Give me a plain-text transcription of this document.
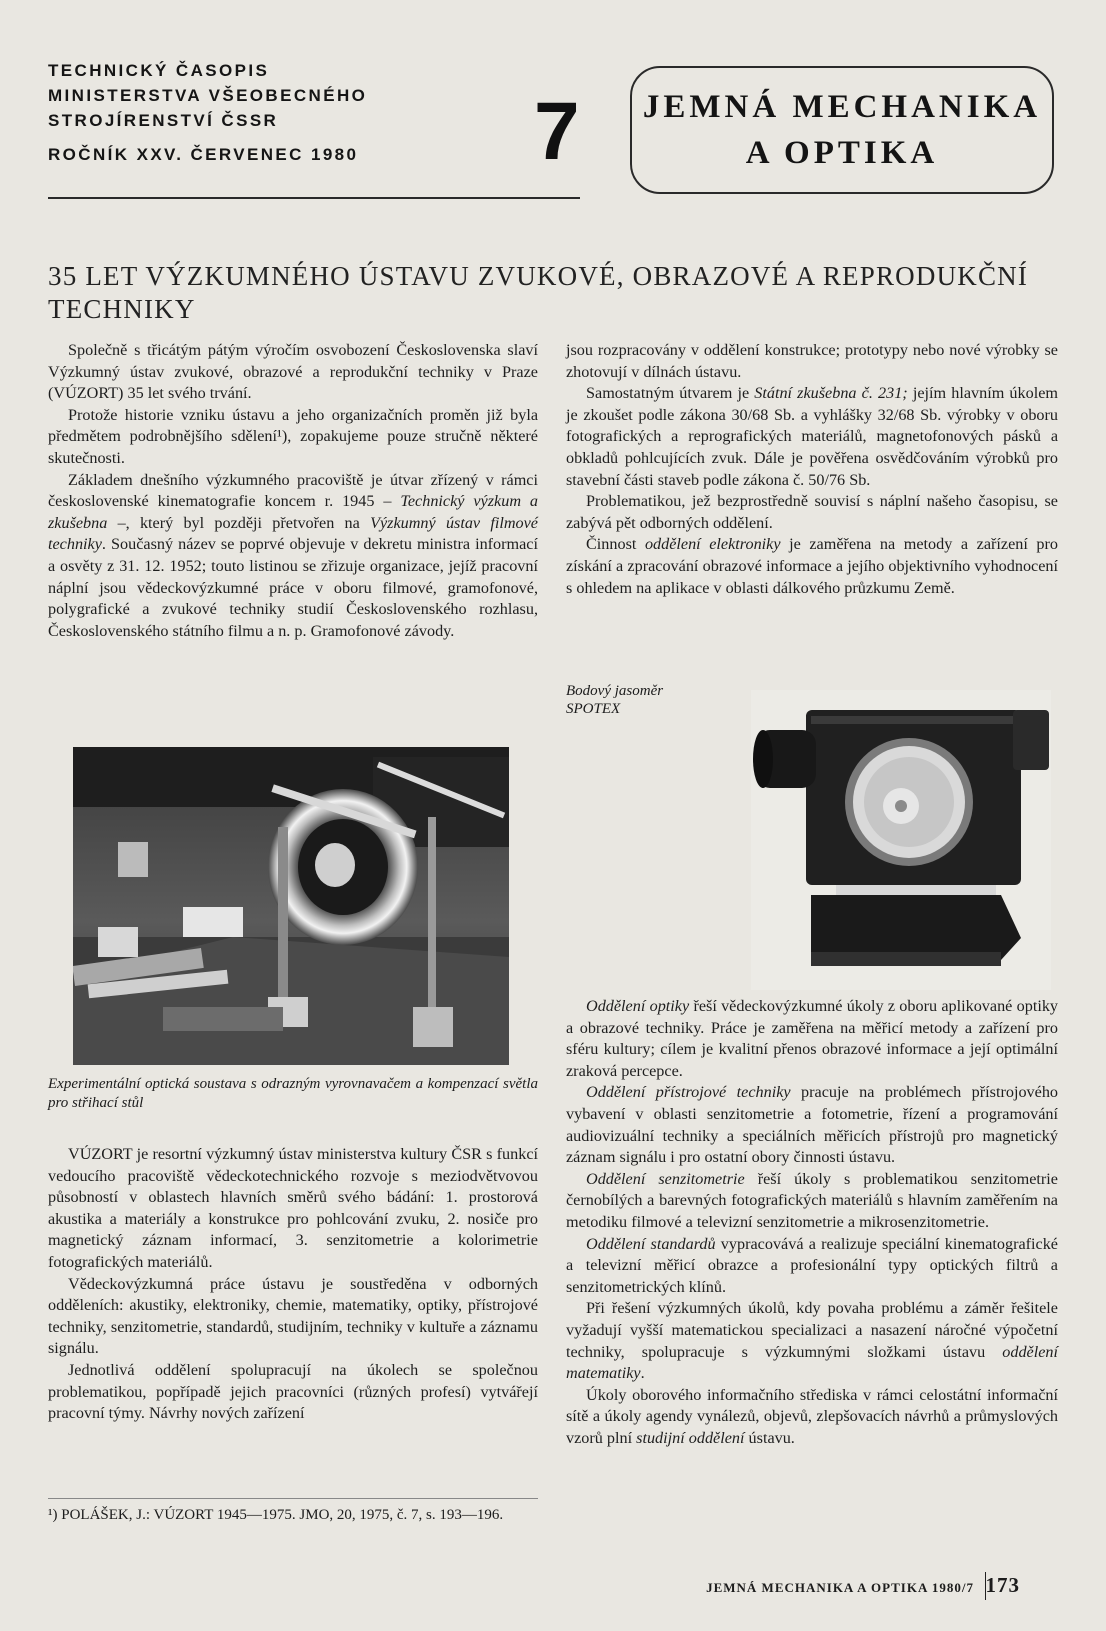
TECHNICKÝ ČASOPIS
MINISTERSTVA VŠEOBECNÉHO
STROJÍRENSTVÍ ČSSR
ROČNÍK XXV. ČERVENEC 1980 7	JEMNÁ MECHANIKA
A OPTIKA
35 LET VÝZKUMNÉHO ÚSTAVU ZVUKOVÉ, OBRAZOVÉ A REPRODUKČNÍ TECHNIKY

Společně s třicátým pátým výročím osvobození Československa slaví Výzkumný ústav zvukové, obrazové a reprodukční techniky v Praze (VÚZORT) 35 let svého trvání.

Protože historie vzniku ústavu a jeho organizačních proměn již byla předmětem podrobnějšího sdělení¹), zopakujeme pouze stručně některé skutečnosti.

Základem dnešního výzkumného pracoviště je útvar zřízený v rámci československé kinematografie koncem r. 1945 – Technický výzkum a zkušebna –, který byl později přetvořen na Výzkumný ústav filmové techniky. Současný název se poprvé objevuje v dekretu ministra informací a osvěty z 31. 12. 1952; touto listinou se zřizuje organizace, jejíž pracovní náplní jsou vědeckovýzkumné práce v oboru filmové, gramofonové, polygrafické a zvukové techniky studií Československého rozhlasu, Československého státního filmu a n. p. Gramofonové závody.

jsou rozpracovány v oddělení konstrukce; prototypy nebo nové výrobky se zhotovují v dílnách ústavu.

Samostatným útvarem je Státní zkušebna č. 231; jejím hlavním úkolem je zkoušet podle zákona 30/68 Sb. a vyhlášky 32/68 Sb. výrobky v oboru fotografických a reprografických materiálů, magnetofonových pásků a obkladů pohlcujících zvuk. Dále je pověřena osvědčováním výrobků pro stavební části staveb podle zákona č. 50/76 Sb.

Problematikou, jež bezprostředně souvisí s náplní našeho časopisu, se zabývá pět odborných oddělení.

Činnost oddělení elektroniky je zaměřena na metody a zařízení pro získání a zpracování obrazové informace a jejího objektivního vyhodnocení s ohledem na aplikace v oblasti dálkového průzkumu Země.

Experimentální optická soustava s odrazným vyrovnavačem a kompenzací světla pro střihací stůl
Bodový jasoměr
SPOTEX

VÚZORT je resortní výzkumný ústav ministerstva kultury ČSR s funkcí vedoucího pracoviště vědeckotechnického rozvoje s meziodvětvovou působností v oblastech hlavních směrů svého bádání: 1. prostorová akustika a materiály a konstrukce pro pohlcování zvuku, 2. nosiče pro magnetický záznam informací, 3. senzitometrie a kolorimetrie fotografických materiálů.

Vědeckovýzkumná práce ústavu je soustředěna v odborných odděleních: akustiky, elektroniky, chemie, matematiky, optiky, přístrojové techniky, senzitometrie, standardů, studijním, techniky v kultuře a záznamu signálu.

Jednotlivá oddělení spolupracují na úkolech se společnou problematikou, popřípadě jejich pracovníci (různých profesí) vytvářejí pracovní týmy. Návrhy nových zařízení

Oddělení optiky řeší vědeckovýzkumné úkoly z oboru aplikované optiky a obrazové techniky. Práce je zaměřena na měřicí metody a zařízení pro sféru kultury; cílem je kvalitní přenos obrazové informace a její optimální zraková percepce.

Oddělení přístrojové techniky pracuje na problémech přístrojového vybavení v oblasti senzitometrie a fotometrie, řízení a programování audiovizuální techniky a speciálních měřicích přístrojů pro magnetický záznam signálu i pro ostatní obory činnosti ústavu.

Oddělení senzitometrie řeší úkoly s problematikou senzitometrie černobílých a barevných fotografických materiálů s hlavním zaměřením na metodiku filmové a televizní senzitometrie a mikrosenzitometrie.

Oddělení standardů vypracovává a realizuje speciální kinematografické a televizní měřicí obrazce a profesionální typy optických filtrů a senzitometrických klínů.

Při řešení výzkumných úkolů, kdy povaha problému a záměr řešitele vyžadují vyšší matematickou specializaci a nasazení náročné výpočetní techniky, spolupracuje s výzkumnými složkami ústavu oddělení matematiky.

Úkoly oborového informačního střediska v rámci celostátní informační sítě a úkoly agendy vynálezů, objevů, zlepšovacích návrhů a průmyslových vzorů plní studijní oddělení ústavu.

¹) POLÁŠEK, J.: VÚZORT 1945—1975. JMO, 20, 1975, č. 7, s. 193—196.
JEMNÁ MECHANIKA A OPTIKA 1980/7 173
